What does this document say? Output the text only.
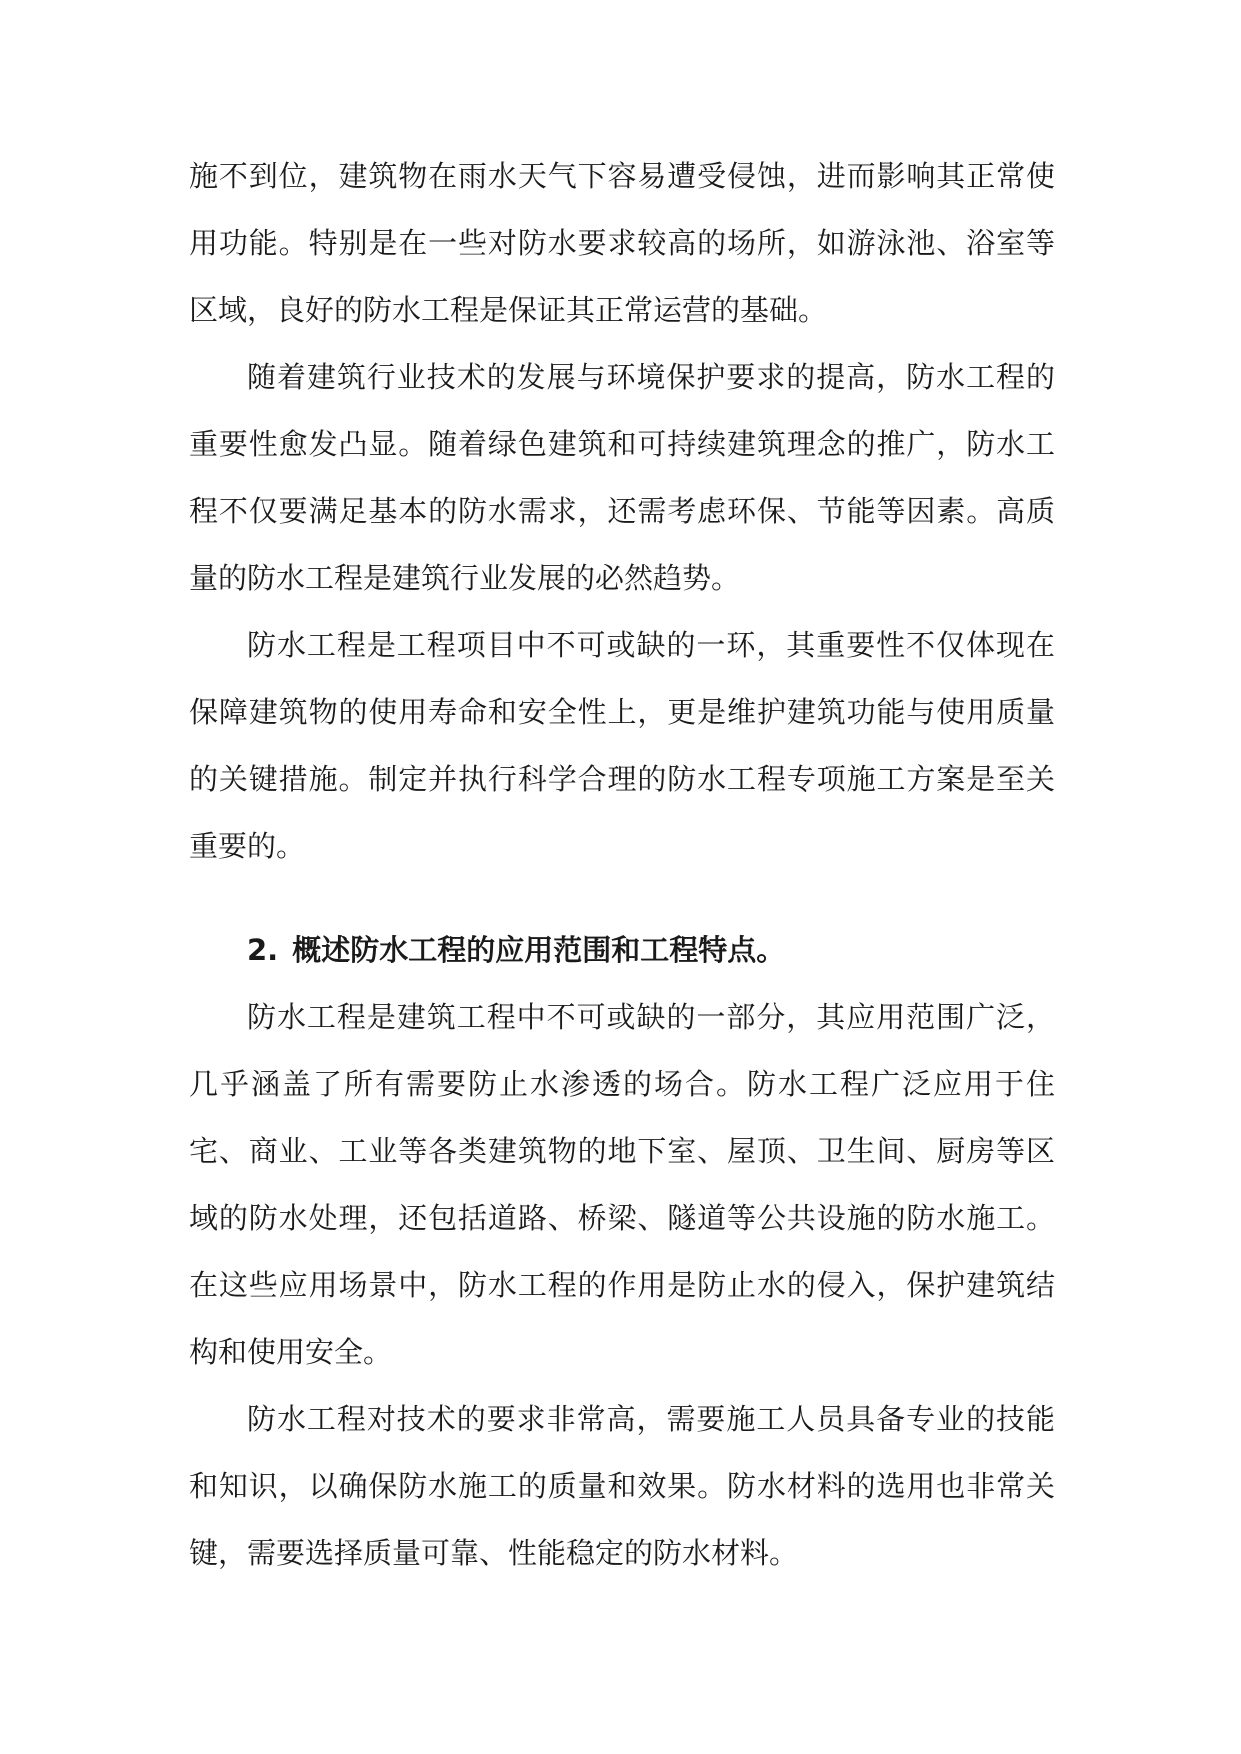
施不到位，建筑物在雨水天气下容易遭受侵蚀，进而影响其正常使用功能。特别是在一些对防水要求较高的场所，如游泳池、浴室等区域，良好的防水工程是保证其正常运营的基础。

随着建筑行业技术的发展与环境保护要求的提高，防水工程的重要性愈发凸显。随着绿色建筑和可持续建筑理念的推广，防水工程不仅要满足基本的防水需求，还需考虑环保、节能等因素。高质量的防水工程是建筑行业发展的必然趋势。

防水工程是工程项目中不可或缺的一环，其重要性不仅体现在保障建筑物的使用寿命和安全性上，更是维护建筑功能与使用质量的关键措施。制定并执行科学合理的防水工程专项施工方案是至关重要的。

2. 概述防水工程的应用范围和工程特点。

防水工程是建筑工程中不可或缺的一部分，其应用范围广泛，几乎涵盖了所有需要防止水渗透的场合。防水工程广泛应用于住宅、商业、工业等各类建筑物的地下室、屋顶、卫生间、厨房等区域的防水处理，还包括道路、桥梁、隧道等公共设施的防水施工。在这些应用场景中，防水工程的作用是防止水的侵入，保护建筑结构和使用安全。

防水工程对技术的要求非常高，需要施工人员具备专业的技能和知识，以确保防水施工的质量和效果。防水材料的选用也非常关键，需要选择质量可靠、性能稳定的防水材料。
